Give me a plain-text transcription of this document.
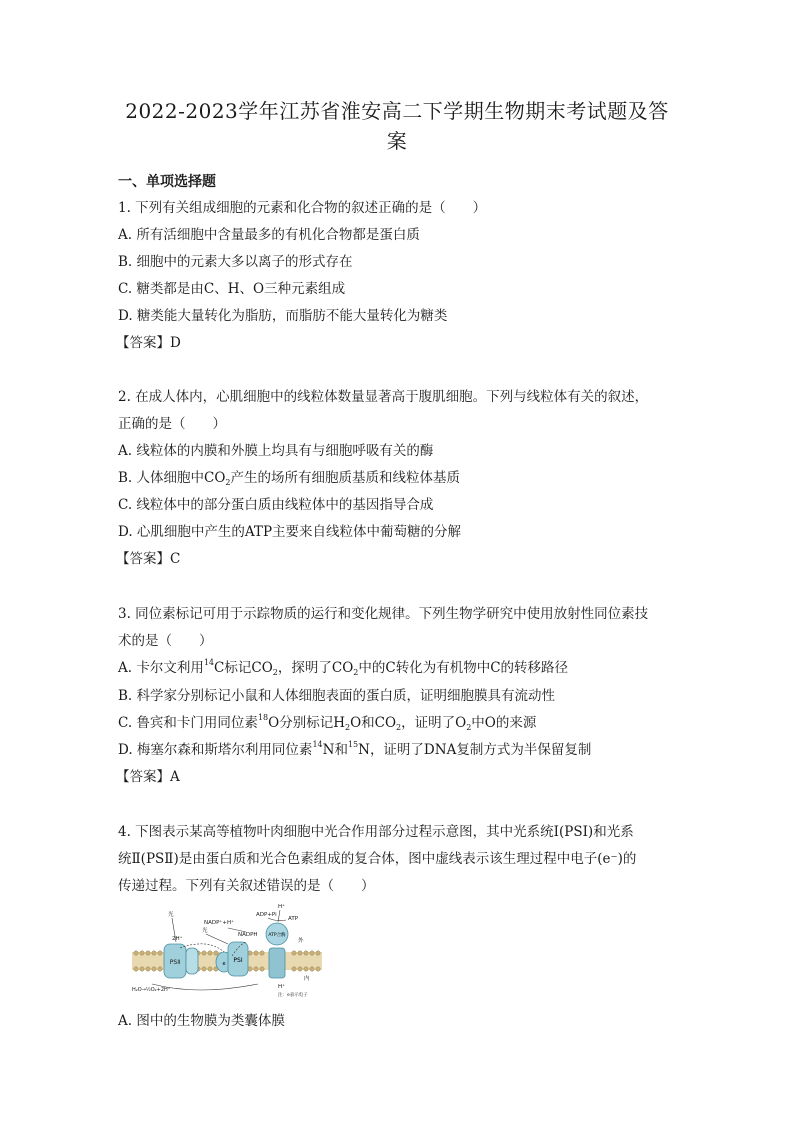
2022-2023学年江苏省淮安高二下学期生物期末考试题及答
案
一、单项选择题
1. 下列有关组成细胞的元素和化合物的叙述正确的是（　　）
A. 所有活细胞中含量最多的有机化合物都是蛋白质
B. 细胞中的元素大多以离子的形式存在
C. 糖类都是由C、H、O三种元素组成
D. 糖类能大量转化为脂肪，而脂肪不能大量转化为糖类
【答案】D
2. 在成人体内，心肌细胞中的线粒体数量显著高于腹肌细胞。下列与线粒体有关的叙述，
正确的是（　　）
A. 线粒体的内膜和外膜上均具有与细胞呼吸有关的酶
B. 人体细胞中CO2产生的场所有细胞质基质和线粒体基质
C. 线粒体中的部分蛋白质由线粒体中的基因指导合成
D. 心肌细胞中产生的ATP主要来自线粒体中葡萄糖的分解
【答案】C
3. 同位素标记可用于示踪物质的运行和变化规律。下列生物学研究中使用放射性同位素技
术的是（　　）
A. 卡尔文利用$^{14}$C标记CO2，探明了CO2中的C转化为有机物中C的转移路径
B. 科学家分别标记小鼠和人体细胞表面的蛋白质，证明细胞膜具有流动性
C. 鲁宾和卡门用同位素$^{18}$O分别标记H2O和CO2，证明了O2中O的来源
D. 梅塞尔森和斯塔尔利用同位素$^{14}$N和$^{15}$N，证明了DNA复制方式为半保留复制
【答案】A
4. 下图表示某高等植物叶肉细胞中光合作用部分过程示意图，其中光系统Ⅰ(PSⅠ)和光系
统Ⅱ(PSⅡ)是由蛋白质和光合色素组成的复合体，图中虚线表示该生理过程中电子(e⁻)的
传递过程。下列有关叙述错误的是（　　）
PSⅡ	e PSⅠ
ATP合酶
光
光
2H⁺
NADP⁺+H⁺
NADPH
ADP+Pi
ATP
H⁺
外
内
H⁺
H₂O→½O₂+2H⁺
注：e表示电子
A. 图中的生物膜为类囊体膜
